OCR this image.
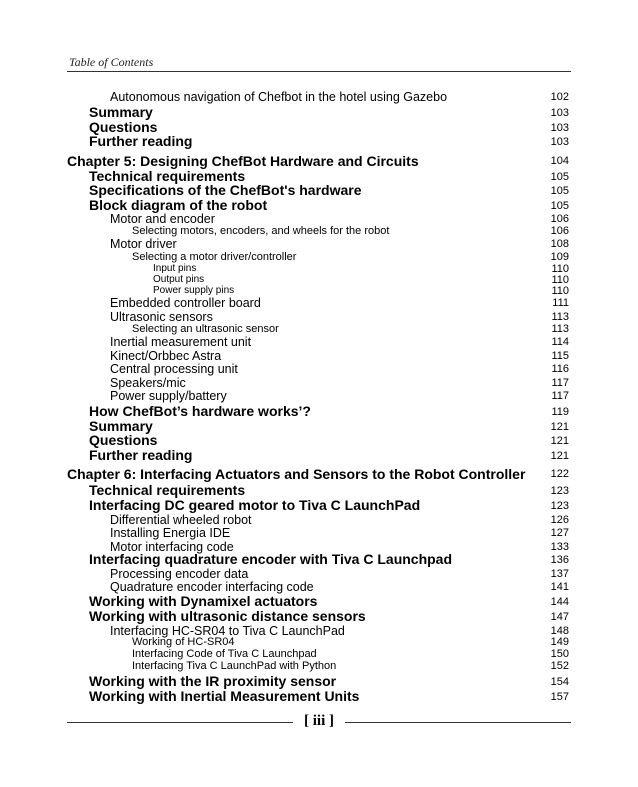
Table of Contents
Autonomous navigation of Chefbot in the hotel using Gazebo	102
Summary	103
Questions	103
Further reading	103
Chapter 5: Designing ChefBot Hardware and Circuits	104
Technical requirements	105
Specifications of the ChefBot's hardware	105
Block diagram of the robot	105
Motor and encoder	106
Selecting motors, encoders, and wheels for the robot	106
Motor driver	108
Selecting a motor driver/controller	109
Input pins	110
Output pins	110
Power supply pins	110
Embedded controller board	111
Ultrasonic sensors	113
Selecting an ultrasonic sensor	113
Inertial measurement unit	114
Kinect/Orbbec Astra	115
Central processing unit	116
Speakers/mic	117
Power supply/battery	117
How ChefBot’s hardware works’?	119
Summary	121
Questions	121
Further reading	121
Chapter 6: Interfacing Actuators and Sensors to the Robot Controller 122
Technical requirements	123
Interfacing DC geared motor to Tiva C LaunchPad	123
Differential wheeled robot	126
Installing Energia IDE	127
Motor interfacing code	133
Interfacing quadrature encoder with Tiva C Launchpad	136
Processing encoder data	137
Quadrature encoder interfacing code	141
Working with Dynamixel actuators	144
Working with ultrasonic distance sensors	147
Interfacing HC-SR04 to Tiva C LaunchPad	148
Working of HC-SR04	149
Interfacing Code of Tiva C Launchpad	150
Interfacing Tiva C LaunchPad with Python	152
Working with the IR proximity sensor	154
Working with Inertial Measurement Units	157
[ iii ]
